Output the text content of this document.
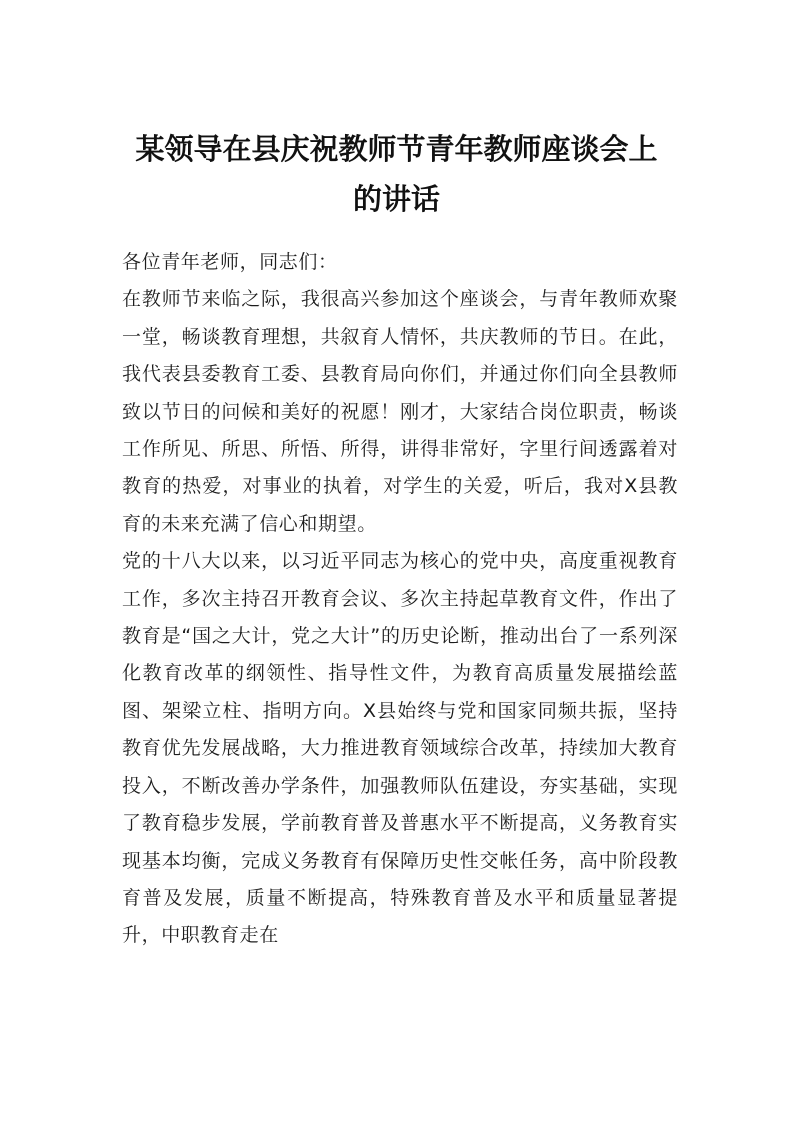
某领导在县庆祝教师节青年教师座谈会上
的讲话

各位青年老师，同志们：

在教师节来临之际，我很高兴参加这个座谈会，与青年教师欢聚一堂，畅谈教育理想，共叙育人情怀，共庆教师的节日。在此，我代表县委教育工委、县教育局向你们，并通过你们向全县教师致以节日的问候和美好的祝愿！刚才，大家结合岗位职责，畅谈工作所见、所思、所悟、所得，讲得非常好，字里行间透露着对教育的热爱，对事业的执着，对学生的关爱，听后，我对X县教育的未来充满了信心和期望。

党的十八大以来，以习近平同志为核心的党中央，高度重视教育工作，多次主持召开教育会议、多次主持起草教育文件，作出了教育是“国之大计，党之大计”的历史论断，推动出台了一系列深化教育改革的纲领性、指导性文件，为教育高质量发展描绘蓝图、架梁立柱、指明方向。X县始终与党和国家同频共振，坚持教育优先发展战略，大力推进教育领域综合改革，持续加大教育投入，不断改善办学条件，加强教师队伍建设，夯实基础，实现了教育稳步发展，学前教育普及普惠水平不断提高，义务教育实现基本均衡，完成义务教育有保障历史性交帐任务，高中阶段教育普及发展，质量不断提高，特殊教育普及水平和质量显著提升，中职教育走在
